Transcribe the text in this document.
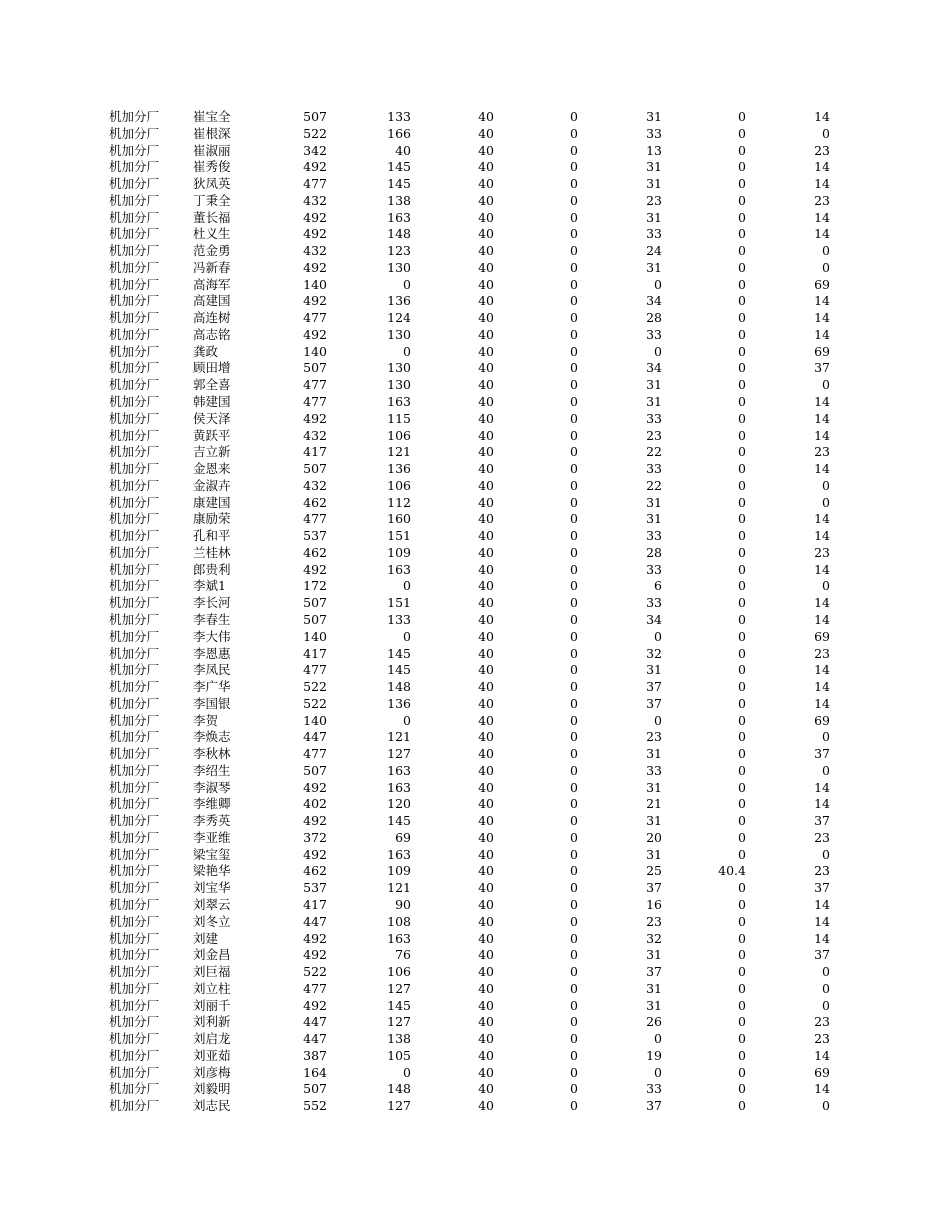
机加分厂	崔宝全	507	133	40	0	31	0	14
机加分厂	崔根深	522	166	40	0	33	0	0
机加分厂	崔淑丽	342	40	40	0	13	0	23
机加分厂	崔秀俊	492	145	40	0	31	0	14
机加分厂	狄凤英	477	145	40	0	31	0	14
机加分厂	丁秉全	432	138	40	0	23	0	23
机加分厂	董长福	492	163	40	0	31	0	14
机加分厂	杜义生	492	148	40	0	33	0	14
机加分厂	范金勇	432	123	40	0	24	0	0
机加分厂	冯新春	492	130	40	0	31	0	0
机加分厂	高海军	140	0	40	0	0	0	69
机加分厂	高建国	492	136	40	0	34	0	14
机加分厂	高连树	477	124	40	0	28	0	14
机加分厂	高志铭	492	130	40	0	33	0	14
机加分厂	龚政	140	0	40	0	0	0	69
机加分厂	顾田增	507	130	40	0	34	0	37
机加分厂	郭全喜	477	130	40	0	31	0	0
机加分厂	韩建国	477	163	40	0	31	0	14
机加分厂	侯天泽	492	115	40	0	33	0	14
机加分厂	黄跃平	432	106	40	0	23	0	14
机加分厂	吉立新	417	121	40	0	22	0	23
机加分厂	金恩来	507	136	40	0	33	0	14
机加分厂	金淑卉	432	106	40	0	22	0	0
机加分厂	康建国	462	112	40	0	31	0	0
机加分厂	康励荣	477	160	40	0	31	0	14
机加分厂	孔和平	537	151	40	0	33	0	14
机加分厂	兰桂林	462	109	40	0	28	0	23
机加分厂	郎贵利	492	163	40	0	33	0	14
机加分厂	李斌1	172	0	40	0	6	0	0
机加分厂	李长河	507	151	40	0	33	0	14
机加分厂	李春生	507	133	40	0	34	0	14
机加分厂	李大伟	140	0	40	0	0	0	69
机加分厂	李恩惠	417	145	40	0	32	0	23
机加分厂	李凤民	477	145	40	0	31	0	14
机加分厂	李广华	522	148	40	0	37	0	14
机加分厂	李国银	522	136	40	0	37	0	14
机加分厂	李贺	140	0	40	0	0	0	69
机加分厂	李焕志	447	121	40	0	23	0	0
机加分厂	李秋林	477	127	40	0	31	0	37
机加分厂	李绍生	507	163	40	0	33	0	0
机加分厂	李淑琴	492	163	40	0	31	0	14
机加分厂	李维卿	402	120	40	0	21	0	14
机加分厂	李秀英	492	145	40	0	31	0	37
机加分厂	李亚维	372	69	40	0	20	0	23
机加分厂	梁宝玺	492	163	40	0	31	0	0
机加分厂	梁艳华	462	109	40	0	25	40.4	23
机加分厂	刘宝华	537	121	40	0	37	0	37
机加分厂	刘翠云	417	90	40	0	16	0	14
机加分厂	刘冬立	447	108	40	0	23	0	14
机加分厂	刘建	492	163	40	0	32	0	14
机加分厂	刘金昌	492	76	40	0	31	0	37
机加分厂	刘巨福	522	106	40	0	37	0	0
机加分厂	刘立柱	477	127	40	0	31	0	0
机加分厂	刘丽千	492	145	40	0	31	0	0
机加分厂	刘利新	447	127	40	0	26	0	23
机加分厂	刘启龙	447	138	40	0	0	0	23
机加分厂	刘亚茹	387	105	40	0	19	0	14
机加分厂	刘彦梅	164	0	40	0	0	0	69
机加分厂	刘毅明	507	148	40	0	33	0	14
机加分厂	刘志民	552	127	40	0	37	0	0
